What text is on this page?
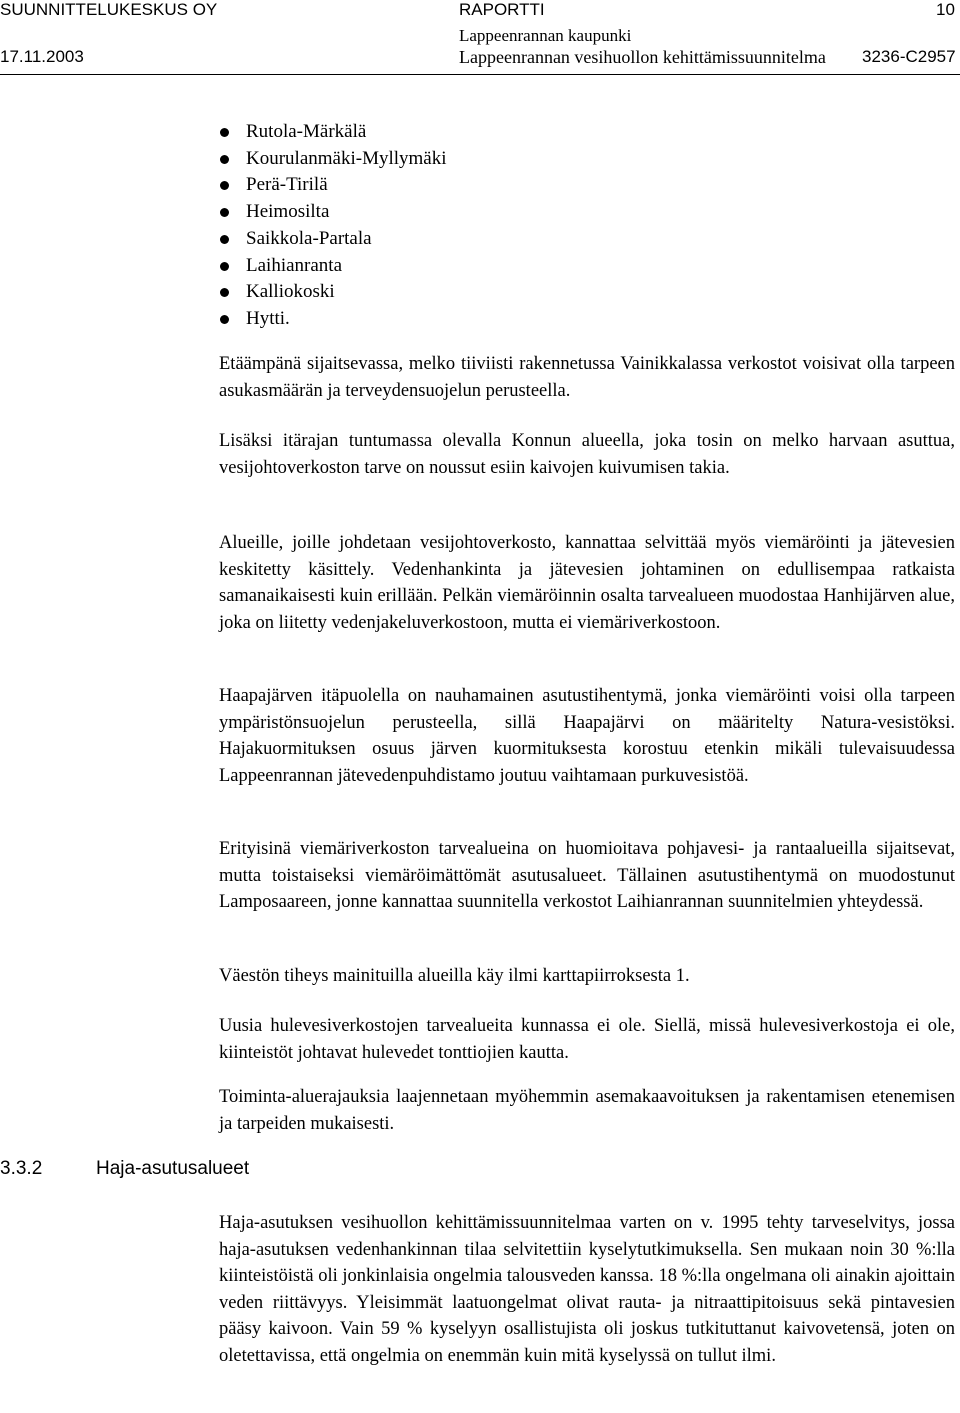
SUUNNITTELUKESKUS OY	RAPORTTI	10
Lappeenrannan kaupunki
17.11.2003	Lappeenrannan vesihuollon kehittämissuunnitelma 3236-C2957
Rutola-Märkälä
Kourulanmäki-Myllymäki
Perä-Tirilä
Heimosilta
Saikkola-Partala
Laihianranta
Kalliokoski
Hytti.

Etäämpänä sijaitsevassa, melko tiiviisti rakennetussa Vainikkalassa verkostot voisivat olla tarpeen asukasmäärän ja terveydensuojelun perusteella.

Lisäksi itärajan tuntumassa olevalla Konnun alueella, joka tosin on melko harvaan asuttua, vesijohtoverkoston tarve on noussut esiin kaivojen kuivumisen takia.

Alueille, joille johdetaan vesijohtoverkosto, kannattaa selvittää myös viemäröinti ja jätevesien keskitetty käsittely. Vedenhankinta ja jätevesien johtaminen on edullisempaa ratkaista samanaikaisesti kuin erillään. Pelkän viemäröinnin osalta tarvealueen muodostaa Hanhijärven alue, joka on liitetty vedenjakeluverkostoon, mutta ei viemäriverkostoon.

Haapajärven itäpuolella on nauhamainen asutustihentymä, jonka viemäröinti voisi olla tarpeen ympäristönsuojelun perusteella, sillä Haapajärvi on määritelty Natura-vesistöksi. Hajakuormituksen osuus järven kuormituksesta korostuu etenkin mikäli tulevaisuudessa Lappeenrannan jätevedenpuhdistamo joutuu vaihtamaan purkuvesistöä.

Erityisinä viemäriverkoston tarvealueina on huomioitava pohjavesi- ja rantaalueilla sijaitsevat, mutta toistaiseksi viemäröimättömät asutusalueet. Tällainen asutustihentymä on muodostunut Lamposaareen, jonne kannattaa suunnitella verkostot Laihianrannan suunnitelmien yhteydessä.

Väestön tiheys mainituilla alueilla käy ilmi karttapiirroksesta 1.

Uusia hulevesiverkostojen tarvealueita kunnassa ei ole. Siellä, missä hulevesiverkostoja ei ole, kiinteistöt johtavat hulevedet tonttiojien kautta.

Toiminta-aluerajauksia laajennetaan myöhemmin asemakaavoituksen ja rakentamisen etenemisen ja tarpeiden mukaisesti.

3.3.2	Haja-asutusalueet

Haja-asutuksen vesihuollon kehittämissuunnitelmaa varten on v. 1995 tehty tarveselvitys, jossa haja-asutuksen vedenhankinnan tilaa selvitettiin kyselytutkimuksella. Sen mukaan noin 30 %:lla kiinteistöistä oli jonkinlaisia ongelmia talousveden kanssa. 18 %:lla ongelmana oli ainakin ajoittain veden riittävyys. Yleisimmät laatuongelmat olivat rauta- ja nitraattipitoisuus sekä pintavesien pääsy kaivoon. Vain 59 % kyselyyn osallistujista oli joskus tutkituttanut kaivovetensä, joten on oletettavissa, että ongelmia on enemmän kuin mitä kyselyssä on tullut ilmi.
